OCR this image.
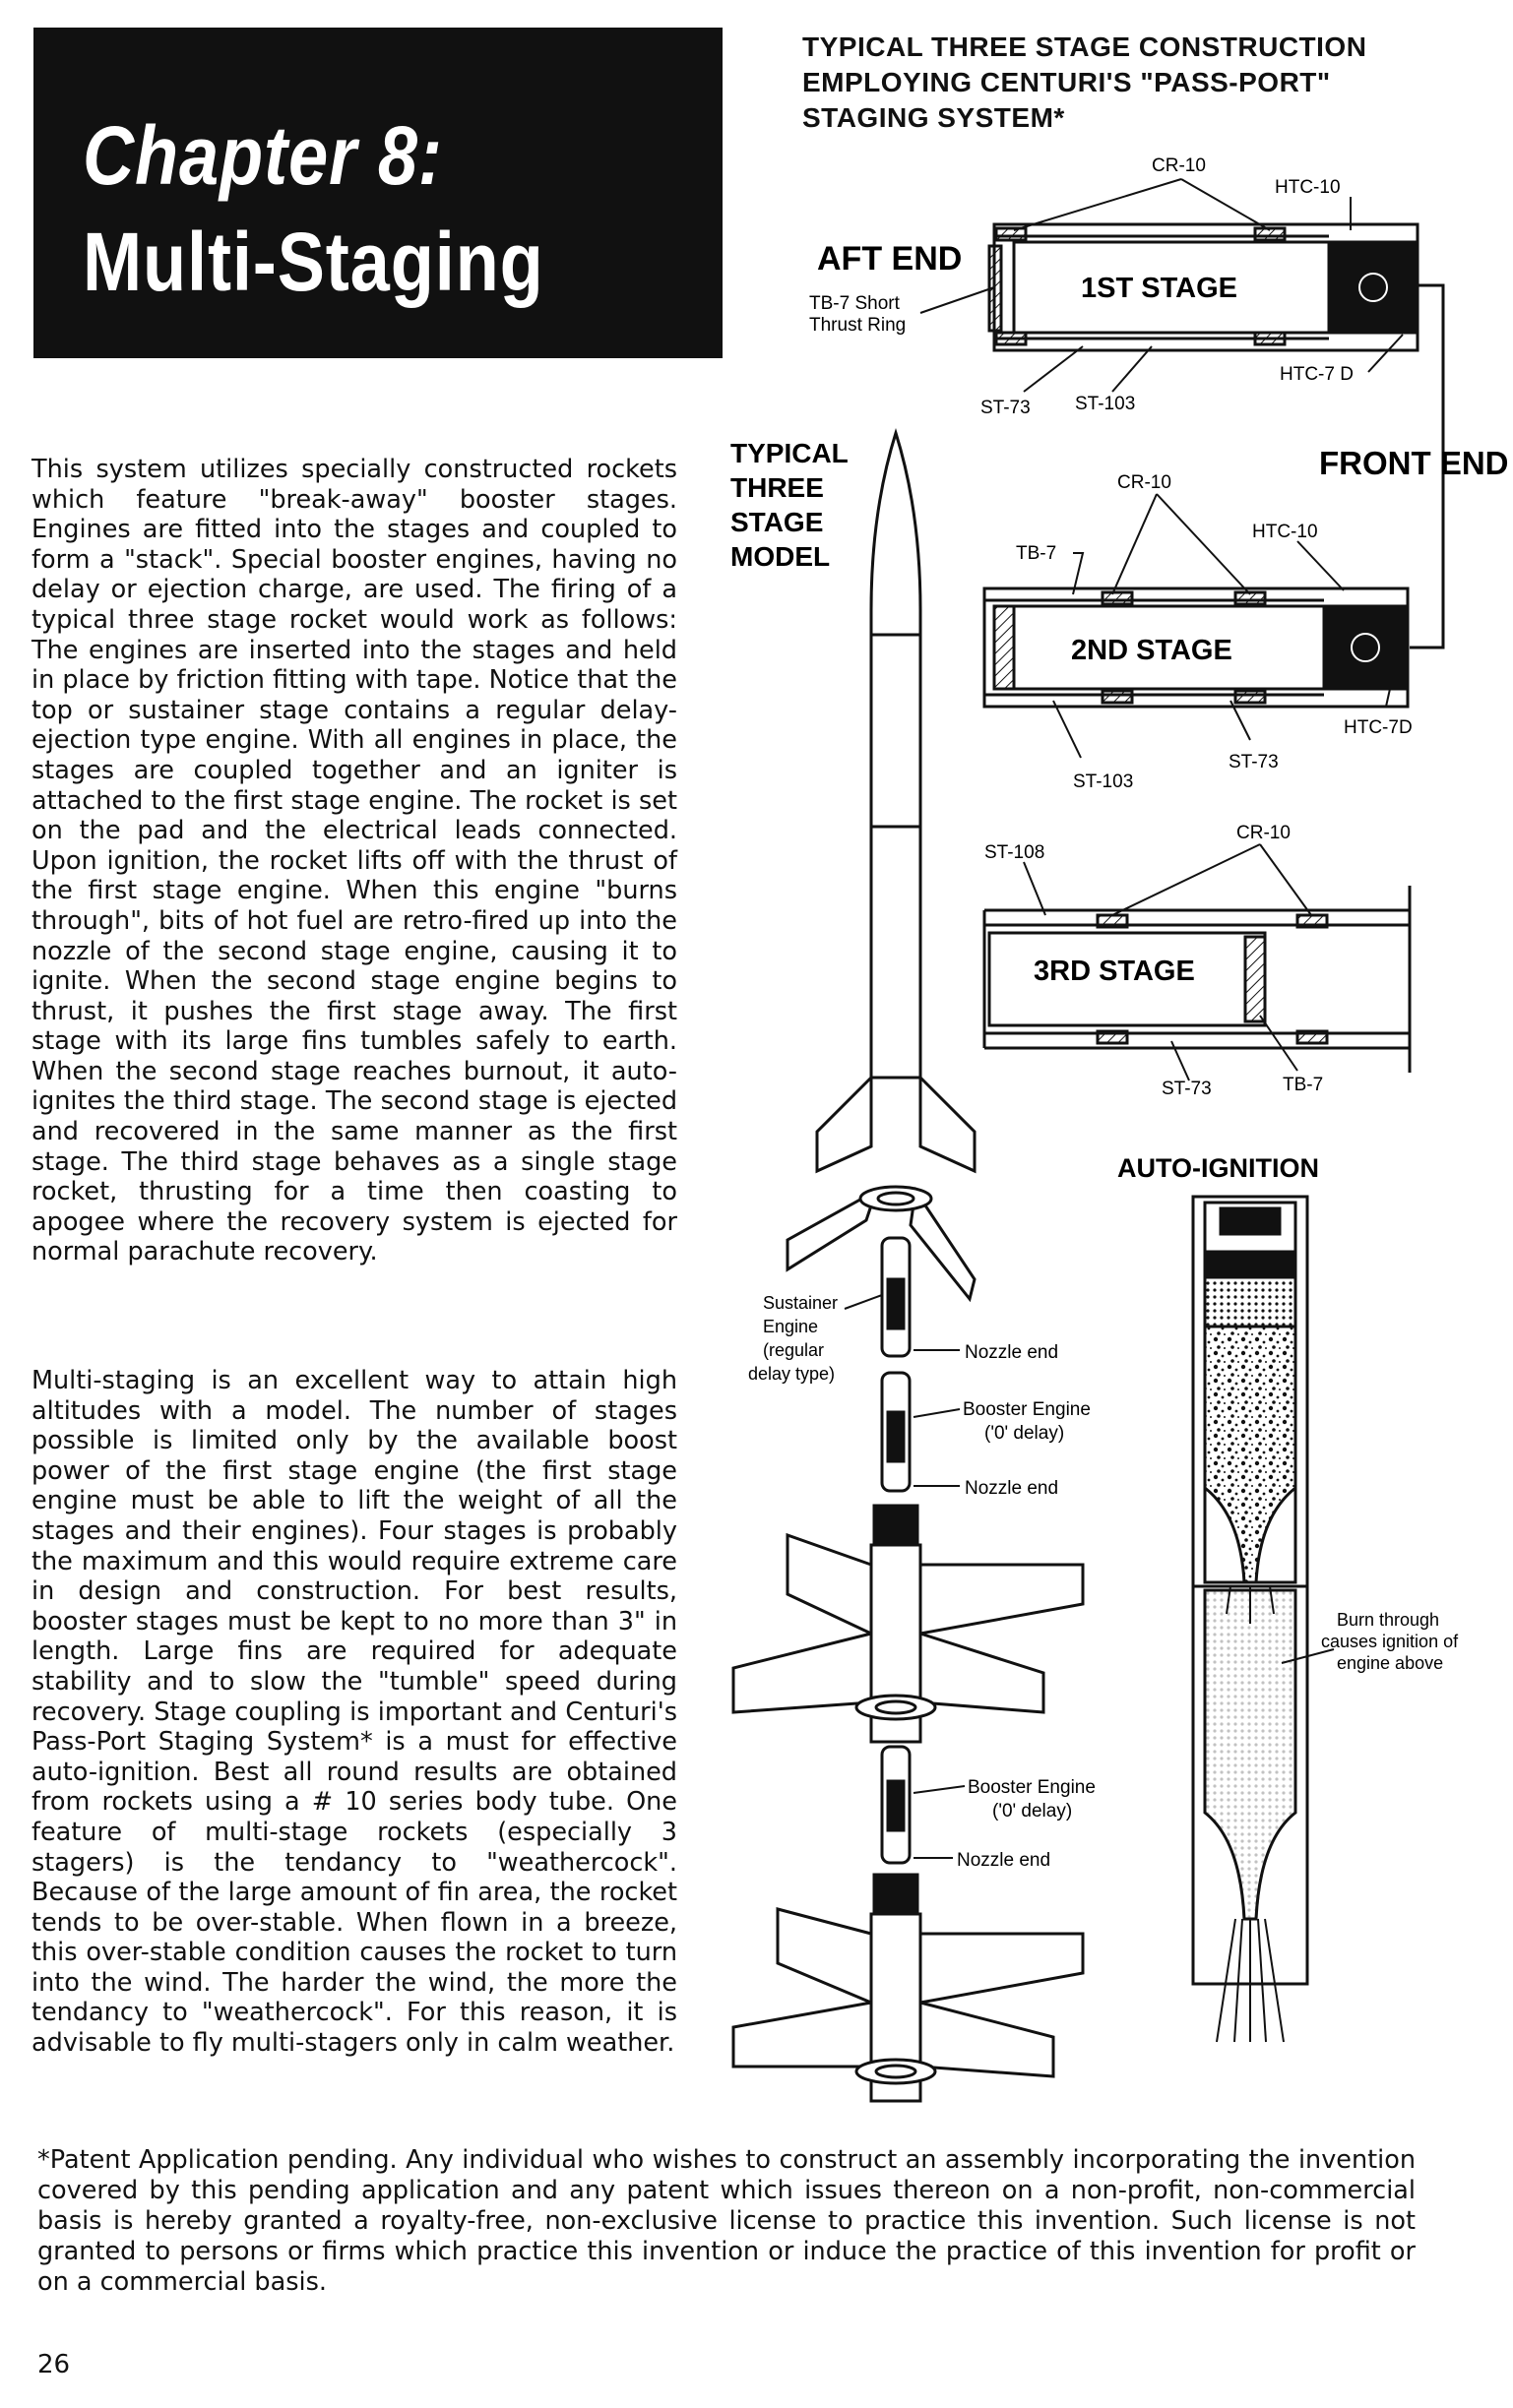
Chapter 8:
Multi-Staging
TYPICAL THREE STAGE CONSTRUCTION
EMPLOYING CENTURI'S "PASS-PORT"
STAGING SYSTEM*
This system utilizes specially constructed rockets which feature "break-away" booster stages. Engines are fitted into the stages and coupled to form a "stack". Special booster engines, having no delay or ejection charge, are used. The firing of a typical three stage rocket would work as follows: The engines are inserted into the stages and held in place by friction fitting with tape. Notice that the top or sustainer stage contains a regular delay-ejection type engine. With all engines in place, the stages are coupled together and an igniter is attached to the first stage engine. The rocket is set on the pad and the electrical leads connected. Upon ignition, the rocket lifts off with the thrust of the first stage engine. When this engine "burns through", bits of hot fuel are retro-fired up into the nozzle of the second stage engine, causing it to ignite. When the second stage engine begins to thrust, it pushes the first stage away. The first stage with its large fins tumbles safely to earth. When the second stage reaches burnout, it auto-ignites the third stage. The second stage is ejected and recovered in the same manner as the first stage. The third stage behaves as a single stage rocket, thrusting for a time then coasting to apogee where the recovery system is ejected for normal parachute recovery.
Multi-staging is an excellent way to attain high altitudes with a model. The number of stages possible is limited only by the available boost power of the first stage engine (the first stage engine must be able to lift the weight of all the stages and their engines). Four stages is probably the maximum and this would require extreme care in design and construction. For best results, booster stages must be kept to no more than 3" in length. Large fins are required for adequate stability and to slow the "tumble" speed during recovery. Stage coupling is important and Centuri's Pass-Port Staging System* is a must for effective auto-ignition. Best all round results are obtained from rockets using a # 10 series body tube. One feature of multi-stage rockets (especially 3 stagers) is the tendancy to "weathercock". Because of the large amount of fin area, the rocket tends to be over-stable. When flown in a breeze, this over-stable condition causes the rocket to turn into the wind. The harder the wind, the more the tendancy to "weathercock". For this reason, it is advisable to fly multi-stagers only in calm weather.
*Patent Application pending. Any individual who wishes to construct an assembly incorporating the invention covered by this pending application and any patent which issues thereon on a non-profit, non-commercial basis is hereby granted a royalty-free, non-exclusive license to practice this invention. Such license is not granted to persons or firms which practice this invention or induce the practice of this invention for profit or on a commercial basis.
26
AFT END
FRONT END
TB-7 Short
Thrust Ring
1ST STAGE
CR-10
HTC-10
HTC-7 D
ST-73 ST-103
2ND STAGE
CR-10
HTC-10
TB-7
HTC-7D
ST-73
ST-103
3RD STAGE
CR-10
ST-108
ST-73	TB-7
TYPICAL
THREE
STAGE
MODEL
Sustainer
Engine
(regular
delay type)
Nozzle end
Booster Engine
('0' delay)
Nozzle end
Booster Engine
('0' delay)
Nozzle end
AUTO-IGNITION
Burn through
causes ignition of
engine above
